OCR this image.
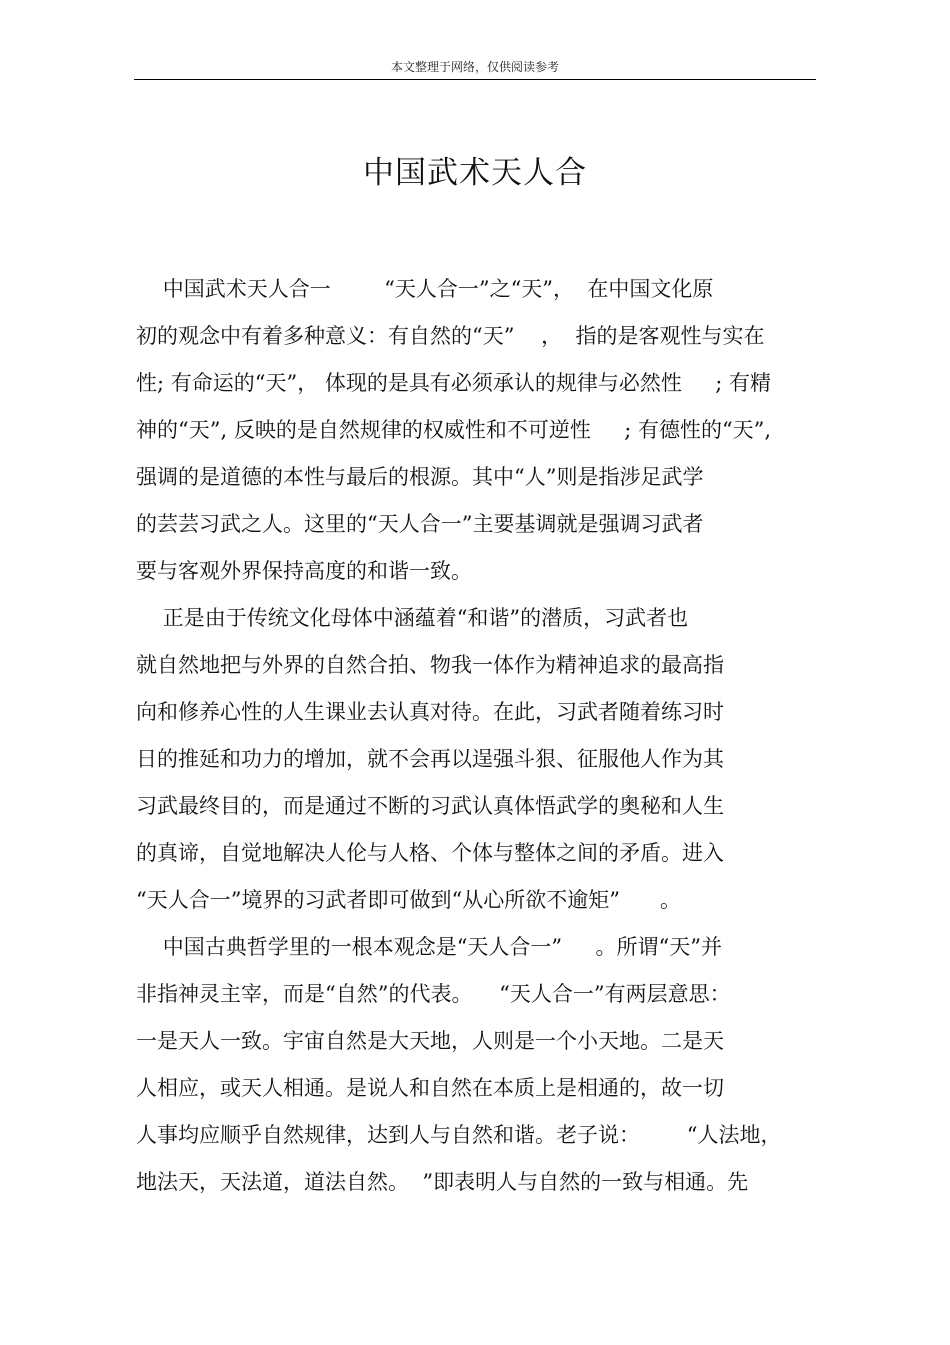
本文整理于网络，仅供阅读参考
中国武术天人合
中国武术天人合一        “天人合一”之“天”，  在中国文化原
初的观念中有着多种意义：有自然的“天”    ，  指的是客观性与实在
性; 有命运的“天”， 体现的是具有必须承认的规律与必然性     ; 有精
神的“天”, 反映的是自然规律的权威性和不可逆性     ; 有德性的“天”,
强调的是道德的本性与最后的根源。其中“人”则是指涉足武学
的芸芸习武之人。这里的“天人合一”主要基调就是强调习武者
要与客观外界保持高度的和谐一致。
正是由于传统文化母体中涵蕴着“和谐”的潜质，习武者也
就自然地把与外界的自然合拍、物我一体作为精神追求的最高指
向和修养心性的人生课业去认真对待。在此，习武者随着练习时
日的推延和功力的增加，就不会再以逞强斗狠、征服他人作为其
习武最终目的，而是通过不断的习武认真体悟武学的奥秘和人生
的真谛，自觉地解决人伦与人格、个体与整体之间的矛盾。进入
“天人合一”境界的习武者即可做到“从心所欲不逾矩”      。
中国古典哲学里的一根本观念是“天人合一”     。所谓“天”并
非指神灵主宰，而是“自然”的代表。    “天人合一”有两层意思：
一是天人一致。宇宙自然是大天地，人则是一个小天地。二是天
人相应，或天人相通。是说人和自然在本质上是相通的，故一切
人事均应顺乎自然规律，达到人与自然和谐。老子说：       “人法地，
地法天，天法道，道法自然。  ”即表明人与自然的一致与相通。先
